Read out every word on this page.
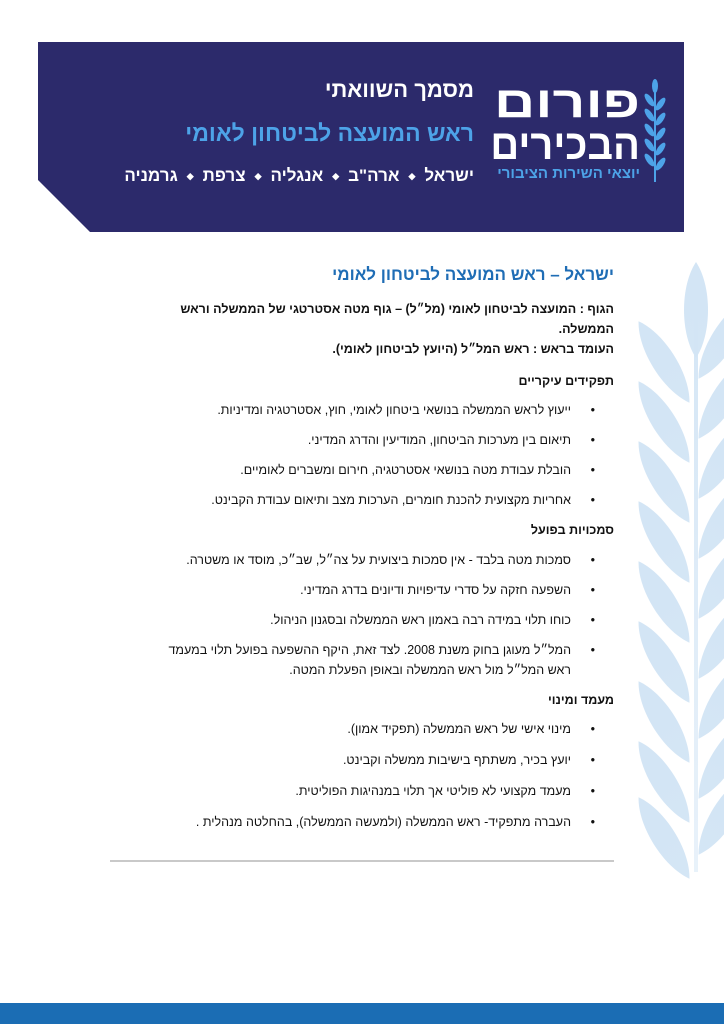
מסמך השוואתי
ראש המועצה לביטחון לאומי
ישראל
◆
ארה"ב
◆
אנגליה
◆
צרפת
◆
גרמניה
פורום
הבכירים
יוצאי השירות הציבורי
ישראל – ראש המועצה לביטחון לאומי
הגוף : המועצה לביטחון לאומי (מל״ל) – גוף מטה אסטרטגי של הממשלה וראש
הממשלה.
העומד בראש : ראש המל״ל (היועץ לביטחון לאומי).
תפקידים עיקריים
•
ייעוץ לראש הממשלה בנושאי ביטחון לאומי, חוץ, אסטרטגיה ומדיניות.
•
תיאום בין מערכות הביטחון, המודיעין והדרג המדיני.
•
הובלת עבודת מטה בנושאי אסטרטגיה, חירום ומשברים לאומיים.
•
אחריות מקצועית להכנת חומרים, הערכות מצב ותיאום עבודת הקבינט.
סמכויות בפועל
•
סמכות מטה בלבד - אין סמכות ביצועית על צה״ל, שב״כ, מוסד או משטרה.
•
השפעה חזקה על סדרי עדיפויות ודיונים בדרג המדיני.
•
כוחו תלוי במידה רבה באמון ראש הממשלה ובסגנון הניהול.
•
המל״ל מעוגן בחוק משנת 2008. לצד זאת, היקף ההשפעה בפועל תלוי במעמד
ראש המל״ל מול ראש הממשלה ובאופן הפעלת המטה.
מעמד ומינוי
•
מינוי אישי של ראש הממשלה (תפקיד אמון).
•
יועץ בכיר, משתתף בישיבות ממשלה וקבינט.
•
מעמד מקצועי לא פוליטי אך תלוי במנהיגות הפוליטית.
•
העברה מתפקיד- ראש הממשלה (ולמעשה הממשלה), בהחלטה מנהלית .
